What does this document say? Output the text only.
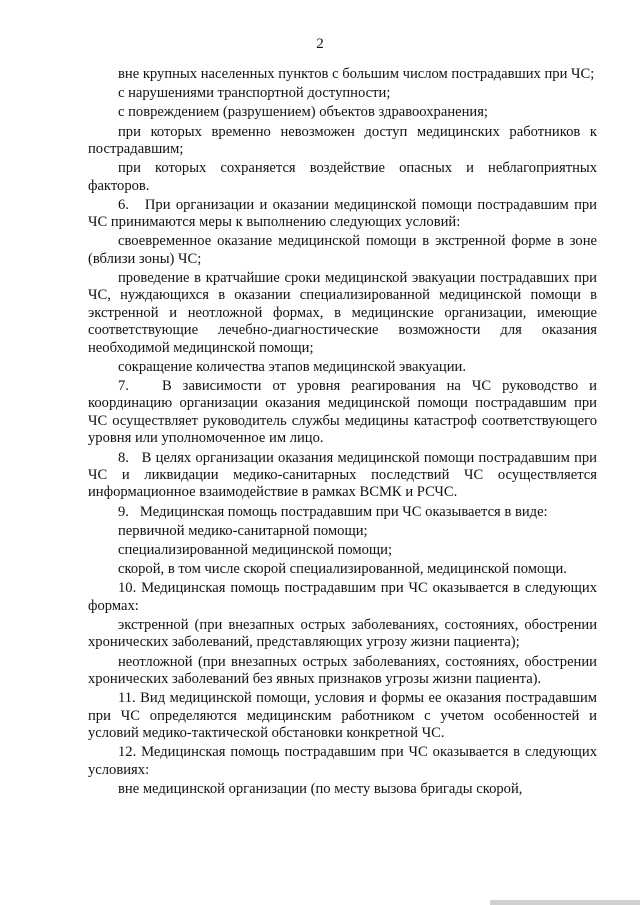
2

вне крупных населенных пунктов с большим числом пострадавших при ЧС;

с нарушениями транспортной доступности;

с повреждением (разрушением) объектов здравоохранения;

при которых временно невозможен доступ медицинских работников к пострадавшим;

при которых сохраняется воздействие опасных и неблагоприятных факторов.

6.   При организации и оказании медицинской помощи пострадавшим при ЧС принимаются меры к выполнению следующих условий:

своевременное оказание медицинской помощи в экстренной форме в зоне (вблизи зоны) ЧС;

проведение в кратчайшие сроки медицинской эвакуации пострадавших при ЧС, нуждающихся в оказании специализированной медицинской помощи в экстренной и неотложной формах, в медицинские организации, имеющие соответствующие лечебно-диагностические возможности для оказания необходимой медицинской помощи;

сокращение количества этапов медицинской эвакуации.

7.   В зависимости от уровня реагирования на ЧС руководство и координацию организации оказания медицинской помощи пострадавшим при ЧС осуществляет руководитель службы медицины катастроф соответствующего уровня или уполномоченное им лицо.

8.   В целях организации оказания медицинской помощи пострадавшим при ЧС и ликвидации медико-санитарных последствий ЧС осуществляется информационное взаимодействие в рамках ВСМК и РСЧС.

9.   Медицинская помощь пострадавшим при ЧС оказывается в виде:

первичной медико-санитарной помощи;

специализированной медицинской помощи;

скорой, в том числе скорой специализированной, медицинской помощи.

10. Медицинская помощь пострадавшим при ЧС оказывается в следующих формах:

экстренной (при внезапных острых заболеваниях, состояниях, обострении хронических заболеваний, представляющих угрозу жизни пациента);

неотложной (при внезапных острых заболеваниях, состояниях, обострении хронических заболеваний без явных признаков угрозы жизни пациента).

11. Вид медицинской помощи, условия и формы ее оказания пострадавшим при ЧС определяются медицинским работником с учетом особенностей и условий медико-тактической обстановки конкретной ЧС.

12. Медицинская помощь пострадавшим при ЧС оказывается в следующих условиях:

вне медицинской организации (по месту вызова бригады скорой,
